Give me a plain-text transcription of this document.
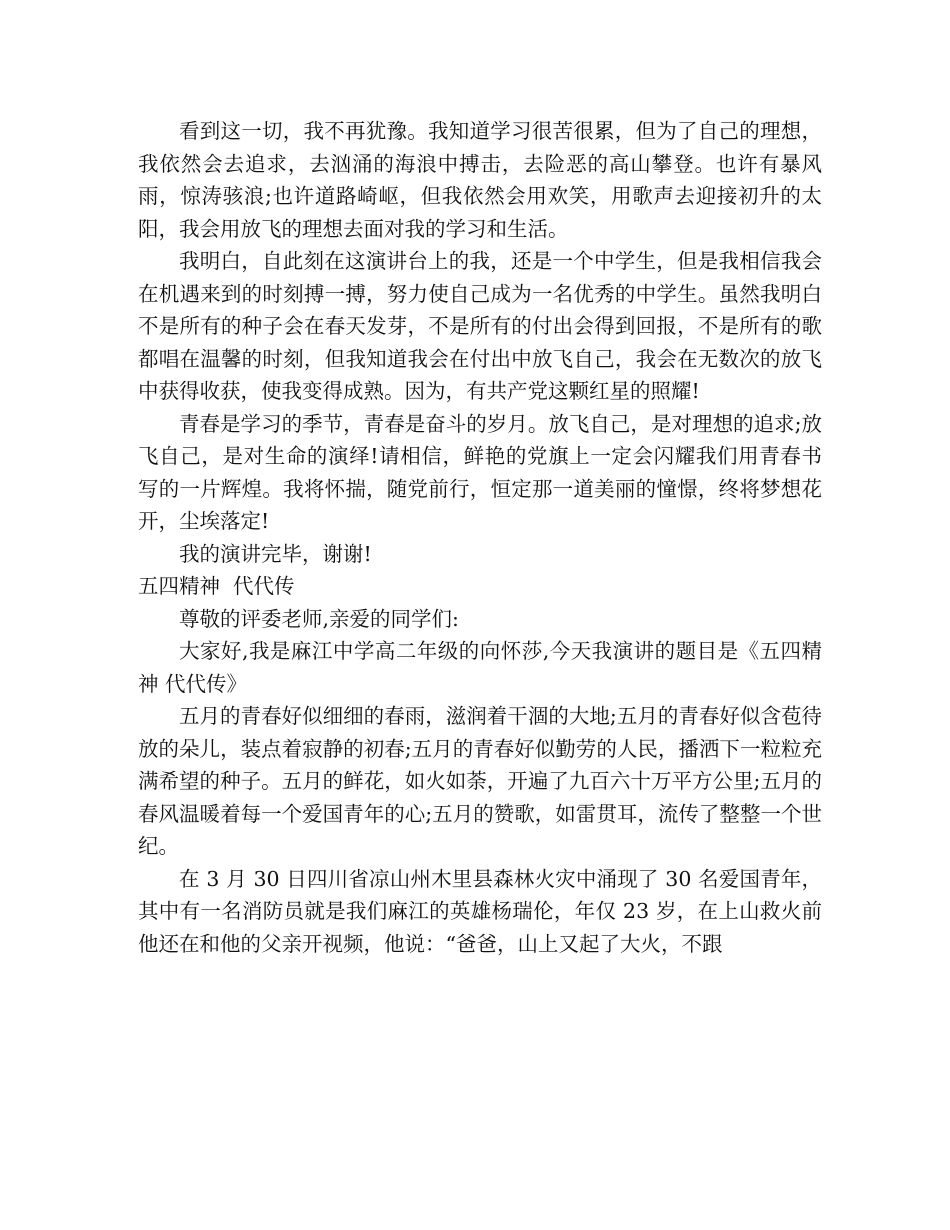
看到这一切，我不再犹豫。我知道学习很苦很累，但为了自己的理想，我依然会去追求，去汹涌的海浪中搏击，去险恶的高山攀登。也许有暴风雨，惊涛骇浪;也许道路崎岖，但我依然会用欢笑，用歌声去迎接初升的太阳，我会用放飞的理想去面对我的学习和生活。

我明白，自此刻在这演讲台上的我，还是一个中学生，但是我相信我会在机遇来到的时刻搏一搏，努力使自己成为一名优秀的中学生。虽然我明白不是所有的种子会在春天发芽，不是所有的付出会得到回报，不是所有的歌都唱在温馨的时刻，但我知道我会在付出中放飞自己，我会在无数次的放飞中获得收获，使我变得成熟。因为，有共产党这颗红星的照耀!

青春是学习的季节，青春是奋斗的岁月。放飞自己，是对理想的追求;放飞自己，是对生命的演绎!请相信，鲜艳的党旗上一定会闪耀我们用青春书写的一片辉煌。我将怀揣，随党前行，恒定那一道美丽的憧憬，终将梦想花开，尘埃落定!

我的演讲完毕，谢谢!

五四精神  代代传

尊敬的评委老师,亲爱的同学们:

大家好,我是麻江中学高二年级的向怀莎,今天我演讲的题目是《五四精神 代代传》

五月的青春好似细细的春雨，滋润着干涸的大地;五月的青春好似含苞待放的朵儿，装点着寂静的初春;五月的青春好似勤劳的人民，播洒下一粒粒充满希望的种子。五月的鲜花，如火如荼，开遍了九百六十万平方公里;五月的春风温暖着每一个爱国青年的心;五月的赞歌，如雷贯耳，流传了整整一个世纪。

在 3 月 30 日四川省凉山州木里县森林火灾中涌现了 30 名爱国青年，其中有一名消防员就是我们麻江的英雄杨瑞伦，年仅 23 岁，在上山救火前他还在和他的父亲开视频，他说：“爸爸，山上又起了大火，不跟
